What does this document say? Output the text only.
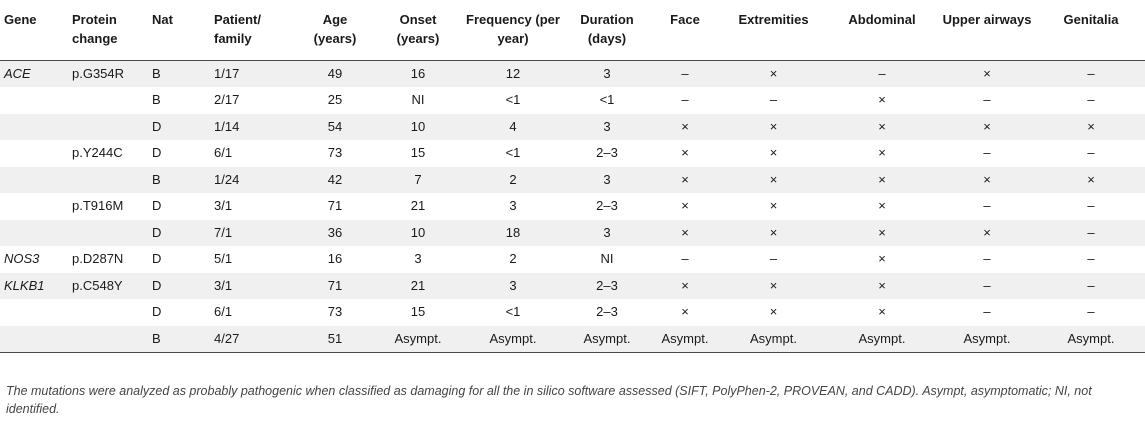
Gene	Protein change	Nat	Patient/ family	Age (years)	Onset (years)	Frequency (per year)	Duration (days)	Face	Extremities	Abdominal	Upper airways	Genitalia
ACE	p.G354R	B	1/17	49	16	12	3	–	×	–	×	–
		B	2/17	25	NI	<1	<1	–	–	×	–	–
		D	1/14	54	10	4	3	×	×	×	×	×
	p.Y244C	D	6/1	73	15	<1	2–3	×	×	×	–	–
		B	1/24	42	7	2	3	×	×	×	×	×
	p.T916M	D	3/1	71	21	3	2–3	×	×	×	–	–
		D	7/1	36	10	18	3	×	×	×	×	–
NOS3	p.D287N	D	5/1	16	3	2	NI	–	–	×	–	–
KLKB1	p.C548Y	D	3/1	71	21	3	2–3	×	×	×	–	–
		D	6/1	73	15	<1	2–3	×	×	×	–	–
		B	4/27	51	Asympt.	Asympt.	Asympt.	Asympt.	Asympt.	Asympt.	Asympt.	Asympt.
The mutations were analyzed as probably pathogenic when classified as damaging for all the in silico software assessed (SIFT, PolyPhen-2, PROVEAN, and CADD). Asympt, asymptomatic; NI, not identified.
